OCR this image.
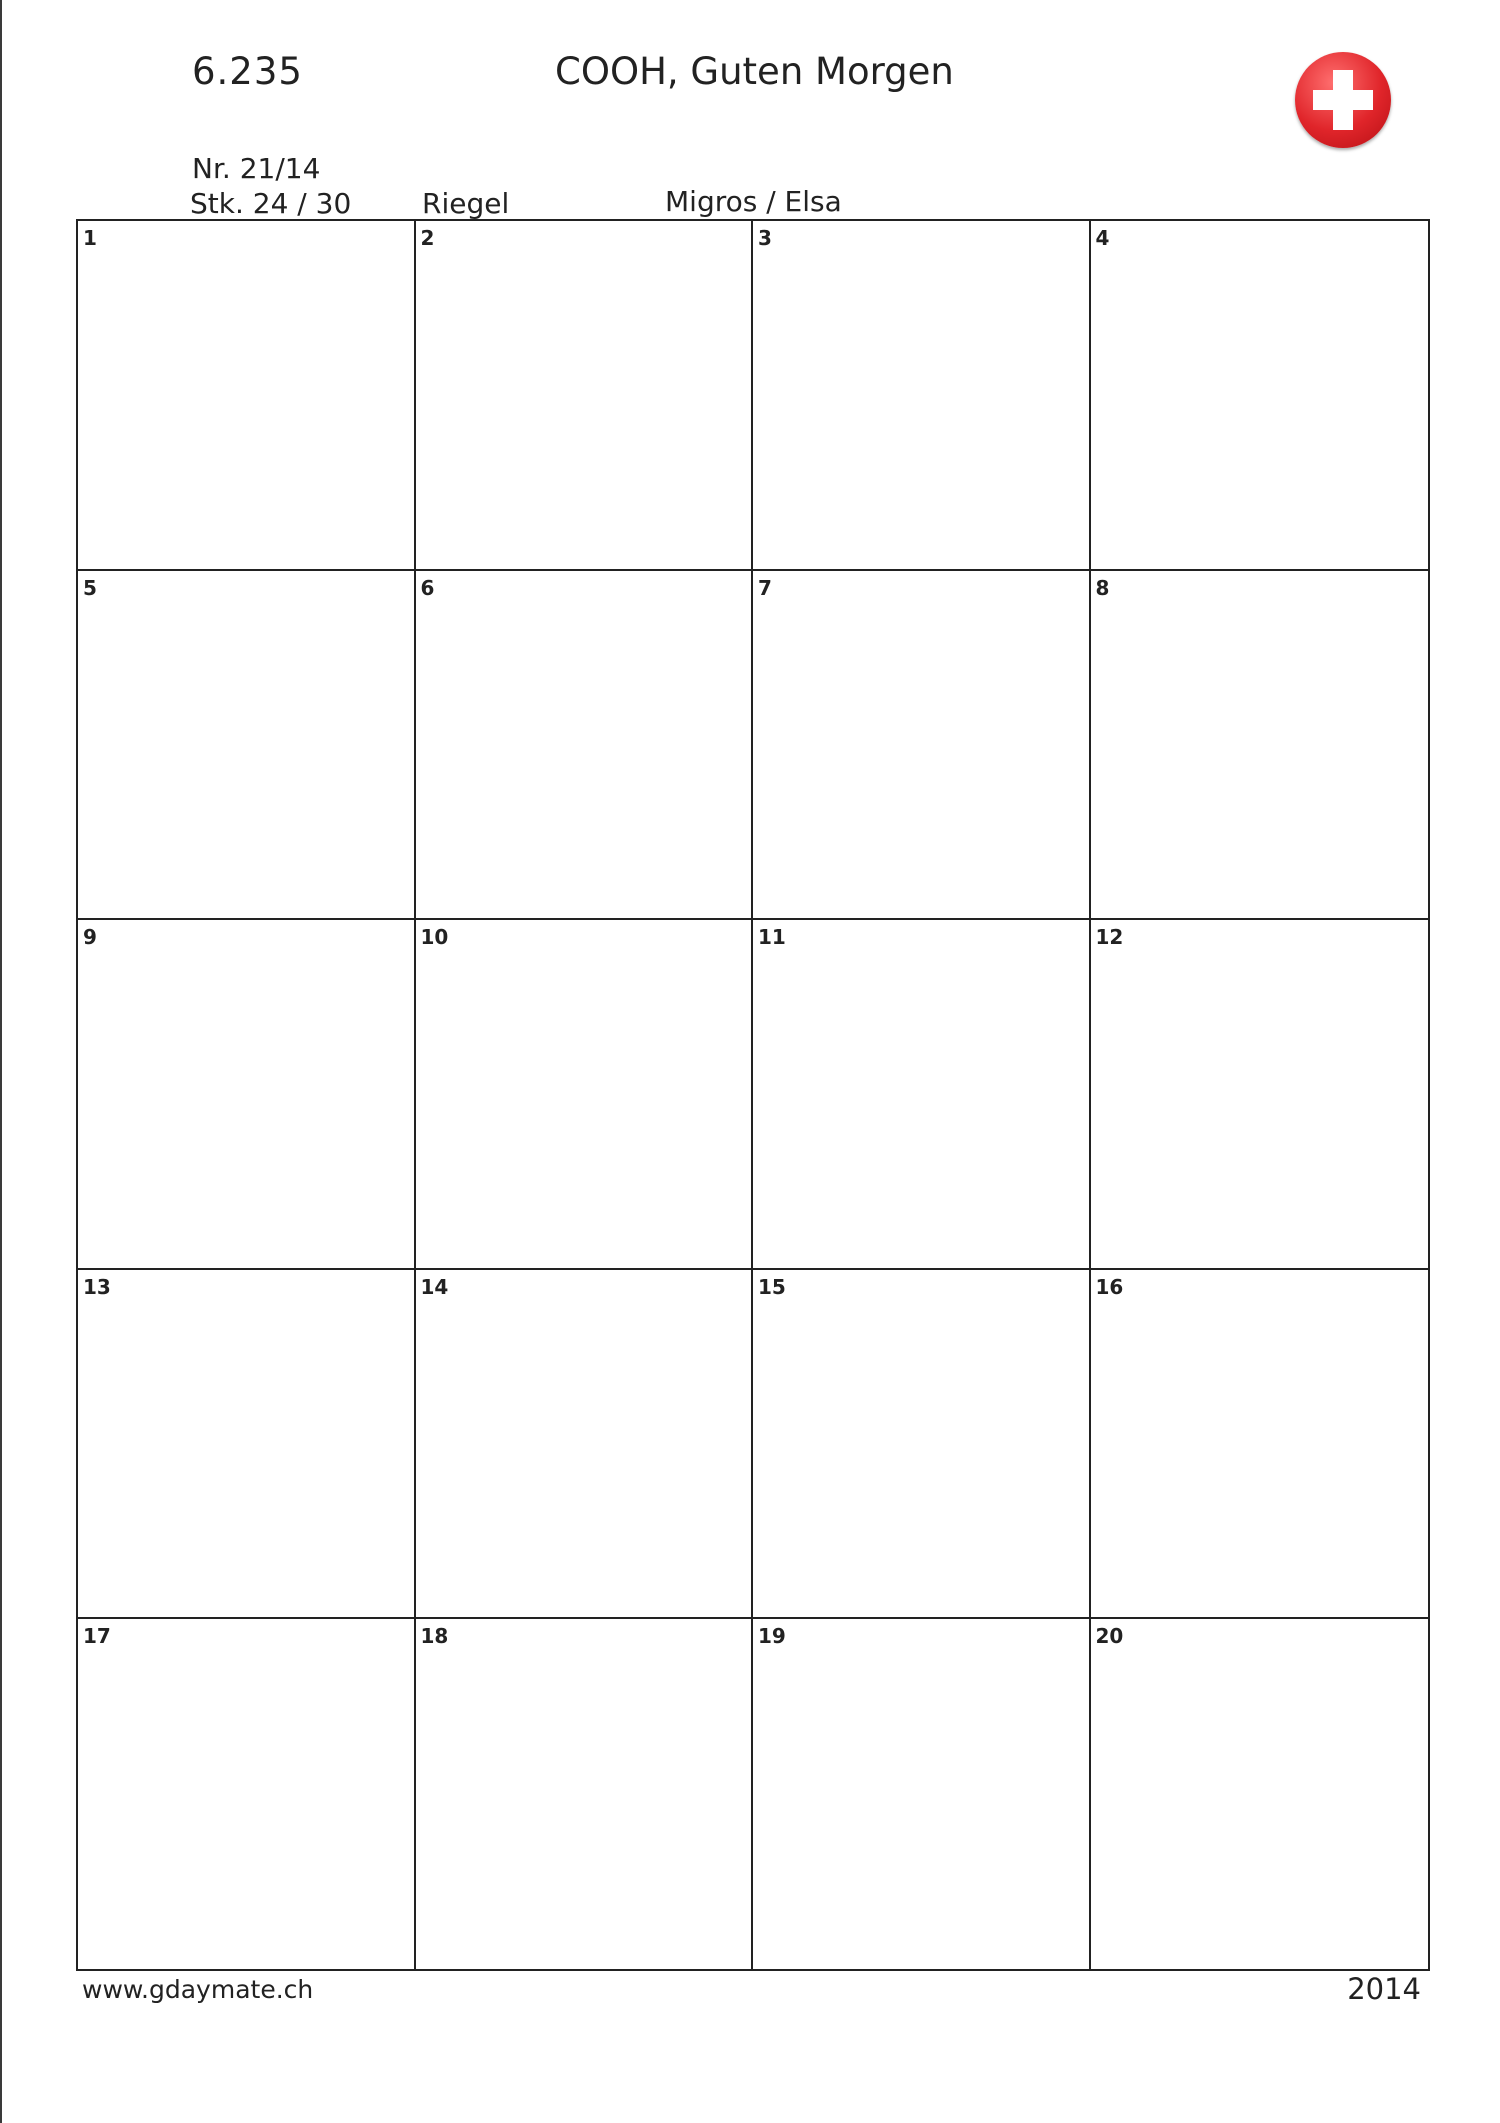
6.235	COOH, Guten Morgen
Nr. 21/14
Stk. 24 / 30	Riegel	Migros / Elsa
1	2	3	4
5	6	7	8
9	10	11	12
13	14	15	16
17	18	19	20
www.gdaymate.ch	2014
